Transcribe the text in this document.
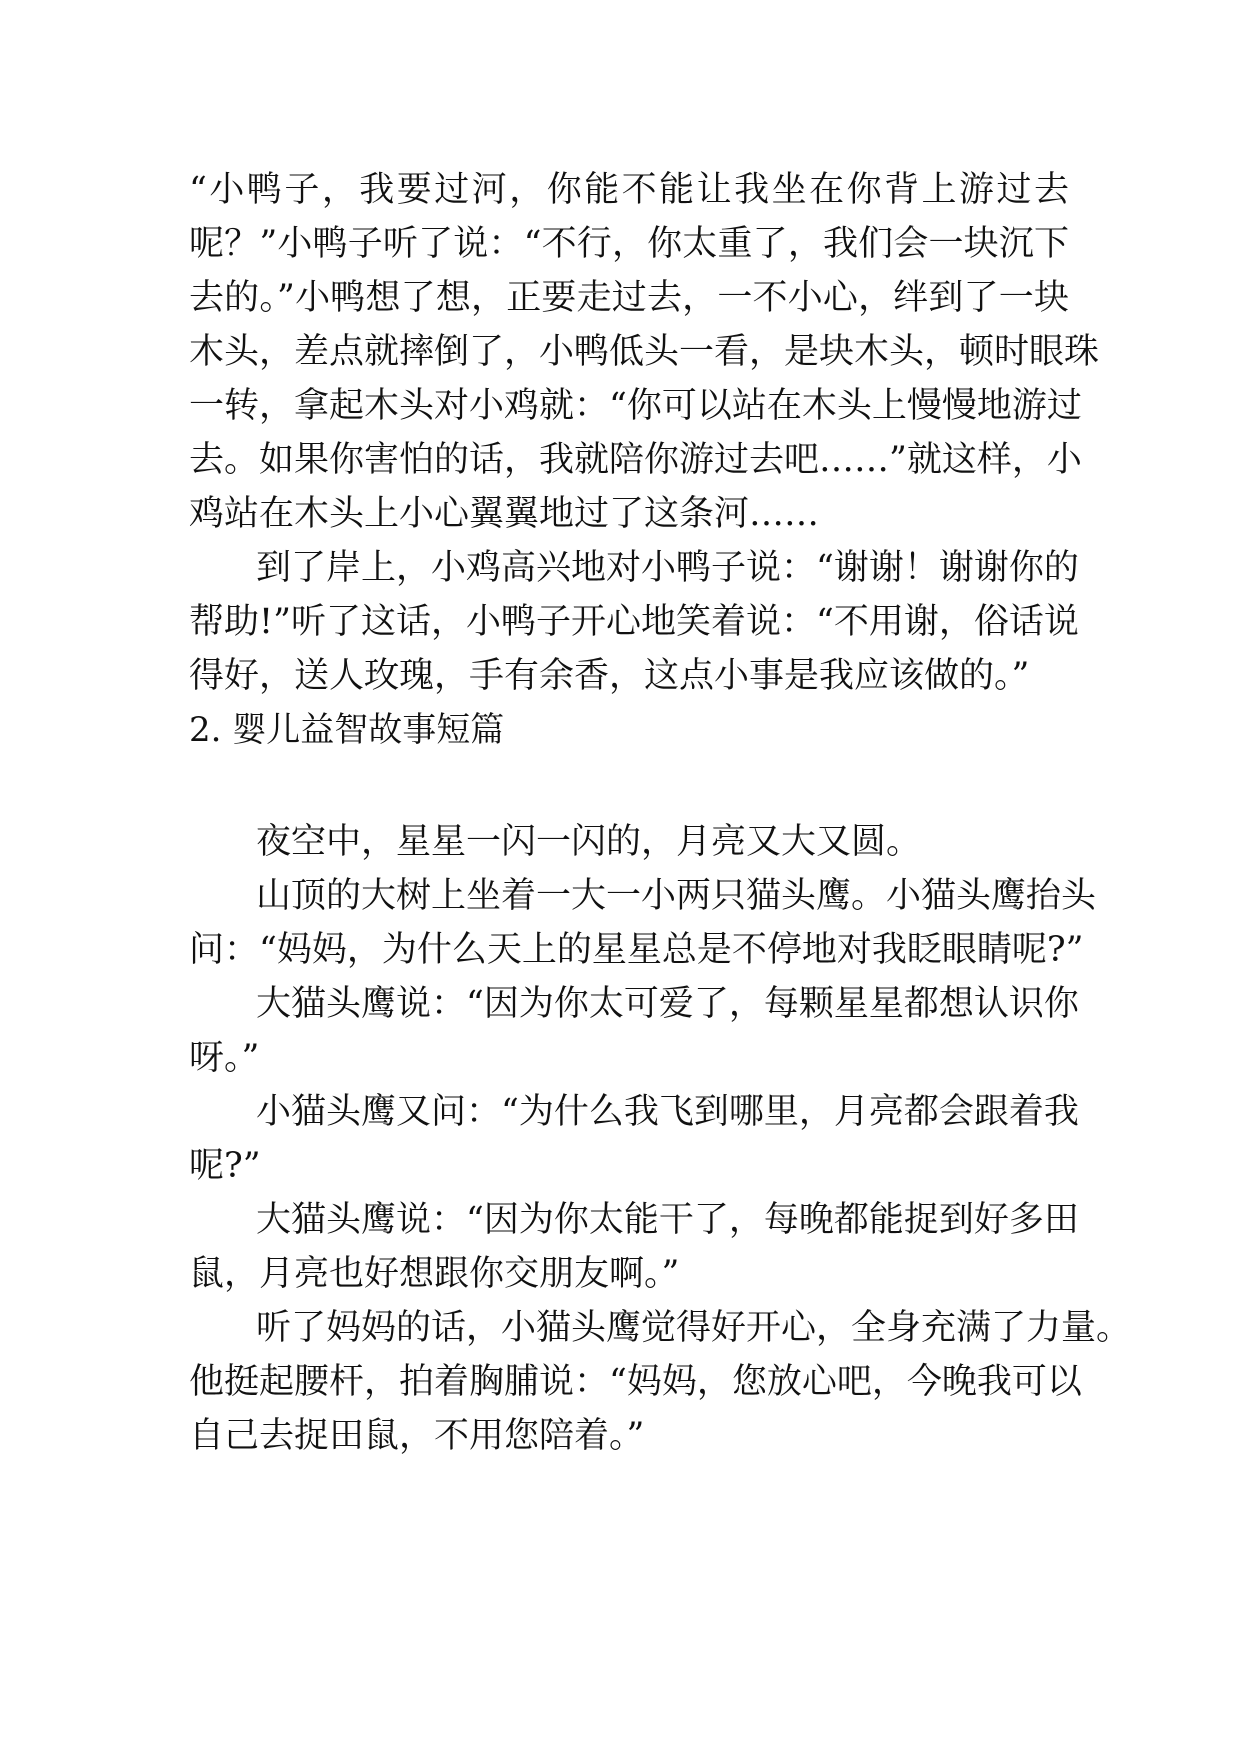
“小鸭子，我要过河，你能不能让我坐在你背上游过去
呢？”小鸭子听了说：“不行，你太重了，我们会一块沉下
去的。”小鸭想了想，正要走过去，一不小心，绊到了一块
木头，差点就摔倒了，小鸭低头一看，是块木头，顿时眼珠
一转，拿起木头对小鸡就：“你可以站在木头上慢慢地游过
去。如果你害怕的话，我就陪你游过去吧……”就这样，小
鸡站在木头上小心翼翼地过了这条河……
到了岸上，小鸡高兴地对小鸭子说：“谢谢！谢谢你的
帮助!”听了这话，小鸭子开心地笑着说：“不用谢，俗话说
得好，送人玫瑰，手有余香，这点小事是我应该做的。”
2. 婴儿益智故事短篇
夜空中，星星一闪一闪的，月亮又大又圆。
山顶的大树上坐着一大一小两只猫头鹰。小猫头鹰抬头
问：“妈妈，为什么天上的星星总是不停地对我眨眼睛呢?”
大猫头鹰说：“因为你太可爱了，每颗星星都想认识你
呀。”
小猫头鹰又问：“为什么我飞到哪里，月亮都会跟着我
呢?”
大猫头鹰说：“因为你太能干了，每晚都能捉到好多田
鼠，月亮也好想跟你交朋友啊。”
听了妈妈的话，小猫头鹰觉得好开心，全身充满了力量。
他挺起腰杆，拍着胸脯说：“妈妈，您放心吧，今晚我可以
自己去捉田鼠，不用您陪着。”
